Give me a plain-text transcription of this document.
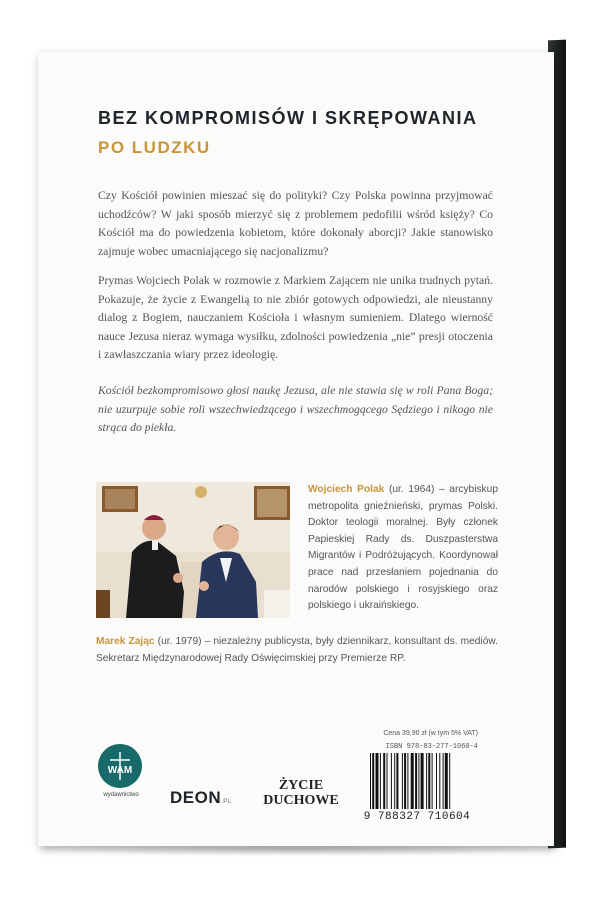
BEZ KOMPROMISÓW I SKRĘPOWANIA
PO LUDZKU
Czy Kościół powinien mieszać się do polityki? Czy Polska powinna przyjmować uchodźców? W jaki sposób mierzyć się z problemem pedofilii wśród księży? Co Kościół ma do powiedzenia kobietom, które dokonały aborcji? Jakie stanowisko zajmuje wobec umacniającego się nacjonalizmu?
Prymas Wojciech Polak w rozmowie z Markiem Zającem nie unika trudnych pytań. Pokazuje, że życie z Ewangelią to nie zbiór gotowych odpowiedzi, ale nieustanny dialog z Bogiem, nauczaniem Kościoła i własnym sumieniem. Dlatego wierność nauce Jezusa nieraz wymaga wysiłku, zdolności powiedzenia „nie” presji otoczenia i zawłaszczania wiary przez ideologię.
Kościół bezkompromisowo głosi naukę Jezusa, ale nie stawia się w roli Pana Boga; nie uzurpuje sobie roli wszechwiedzącego i wszechmogącego Sędziego i nikogo nie strąca do piekła.
Wojciech Polak (ur. 1964) – arcybiskup metropolita gnieźnieński, prymas Polski. Doktor teologii moralnej. Były członek Papieskiej Rady ds. Duszpasterstwa Migrantów i Podróżujących. Koordynował prace nad przesłaniem pojednania do narodów polskiego i rosyjskiego oraz polskiego i ukraińskiego.
Marek Zając (ur. 1979) – niezależny publicysta, były dziennikarz, konsultant ds. mediów. Sekretarz Międzynarodowej Rady Oświęcimskiej przy Premierze RP.
WAM
wydawnictwo	DEON.PL
ŻYCIE
DUCHOWE
Cena 39,90 zł (w tym 5% VAT)
ISBN 978-83-277-1060-4
9 788327 710604
